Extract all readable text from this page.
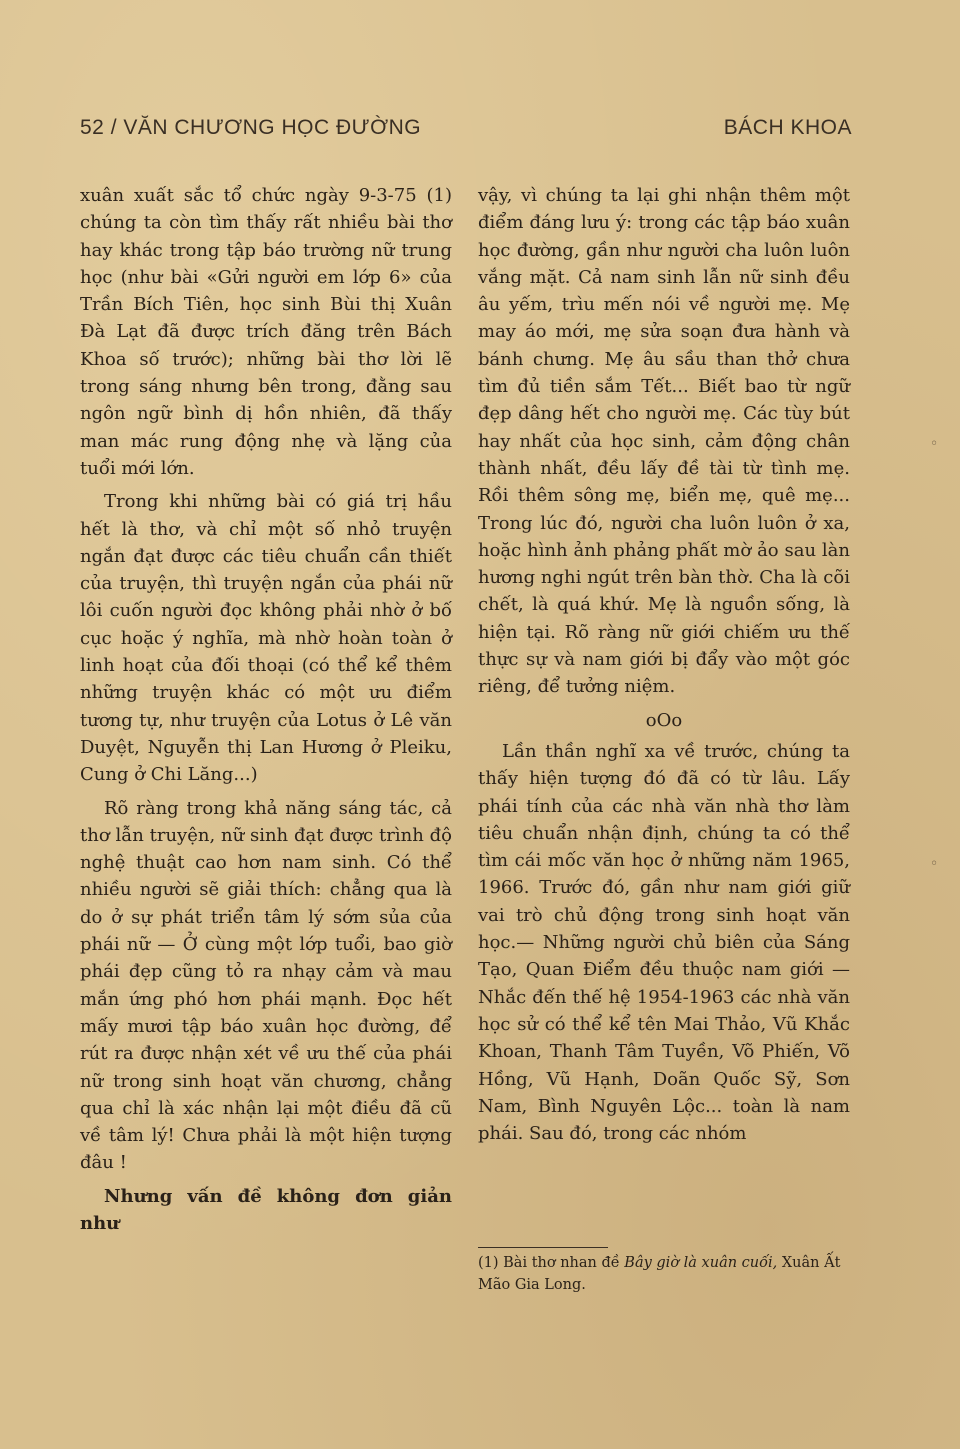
52 / VĂN CHƯƠNG HỌC ĐƯỜNG	BÁCH KHOA

xuân xuất sắc tổ chức ngày 9-3-75 (1) chúng ta còn tìm thấy rất nhiều bài thơ hay khác trong tập báo trường nữ trung học (như bài «Gửi người em lớp 6» của Trần Bích Tiên, học sinh Bùi thị Xuân Đà Lạt đã được trích đăng trên Bách Khoa số trước); những bài thơ lời lẽ trong sáng nhưng bên trong, đằng sau ngôn ngữ bình dị hồn nhiên, đã thấy man mác rung động nhẹ và lặng của tuổi mới lớn.

Trong khi những bài có giá trị hầu hết là thơ, và chỉ một số nhỏ truyện ngắn đạt được các tiêu chuẩn cần thiết của truyện, thì truyện ngắn của phái nữ lôi cuốn người đọc không phải nhờ ở bố cục hoặc ý nghĩa, mà nhờ hoàn toàn ở linh hoạt của đối thoại (có thể kể thêm những truyện khác có một ưu điểm tương tự, như truyện của Lotus ở Lê văn Duyệt, Nguyễn thị Lan Hương ở Pleiku, Cung ở Chi Lăng...)

Rõ ràng trong khả năng sáng tác, cả thơ lẫn truyện, nữ sinh đạt được trình độ nghệ thuật cao hơn nam sinh. Có thể nhiều người sẽ giải thích: chẳng qua là do ở sự phát triển tâm lý sớm sủa của phái nữ — Ở cùng một lớp tuổi, bao giờ phái đẹp cũng tỏ ra nhạy cảm và mau mắn ứng phó hơn phái mạnh. Đọc hết mấy mươi tập báo xuân học đường, để rút ra được nhận xét về ưu thế của phái nữ trong sinh hoạt văn chương, chẳng qua chỉ là xác nhận lại một điều đã cũ về tâm lý! Chưa phải là một hiện tượng đâu !

Nhưng vấn đề không đơn giản như

vậy, vì chúng ta lại ghi nhận thêm một điểm đáng lưu ý: trong các tập báo xuân học đường, gần như người cha luôn luôn vắng mặt. Cả nam sinh lẫn nữ sinh đều âu yếm, trìu mến nói về người mẹ. Mẹ may áo mới, mẹ sửa soạn đưa hành và bánh chưng. Mẹ âu sầu than thở chưa tìm đủ tiền sắm Tết... Biết bao từ ngữ đẹp dâng hết cho người mẹ. Các tùy bút hay nhất của học sinh, cảm động chân thành nhất, đều lấy đề tài từ tình mẹ. Rồi thêm sông mẹ, biển mẹ, quê mẹ... Trong lúc đó, người cha luôn luôn ở xa, hoặc hình ảnh phảng phất mờ ảo sau làn hương nghi ngút trên bàn thờ. Cha là cõi chết, là quá khứ. Mẹ là nguồn sống, là hiện tại. Rõ ràng nữ giới chiếm ưu thế thực sự và nam giới bị đẩy vào một góc riêng, để tưởng niệm.

oOo

Lần thần nghĩ xa về trước, chúng ta thấy hiện tượng đó đã có từ lâu. Lấy phái tính của các nhà văn nhà thơ làm tiêu chuẩn nhận định, chúng ta có thể tìm cái mốc văn học ở những năm 1965, 1966. Trước đó, gần như nam giới giữ vai trò chủ động trong sinh hoạt văn học.— Những người chủ biên của Sáng Tạo, Quan Điểm đều thuộc nam giới — Nhắc đến thế hệ 1954-1963 các nhà văn học sử có thể kể tên Mai Thảo, Vũ Khắc Khoan, Thanh Tâm Tuyền, Võ Phiến, Võ Hồng, Vũ Hạnh, Doãn Quốc Sỹ, Sơn Nam, Bình Nguyên Lộc... toàn là nam phái. Sau đó, trong các nhóm

(1) Bài thơ nhan đề Bây giờ là xuân cuối, Xuân Ất Mão Gia Long.
◦
◦
